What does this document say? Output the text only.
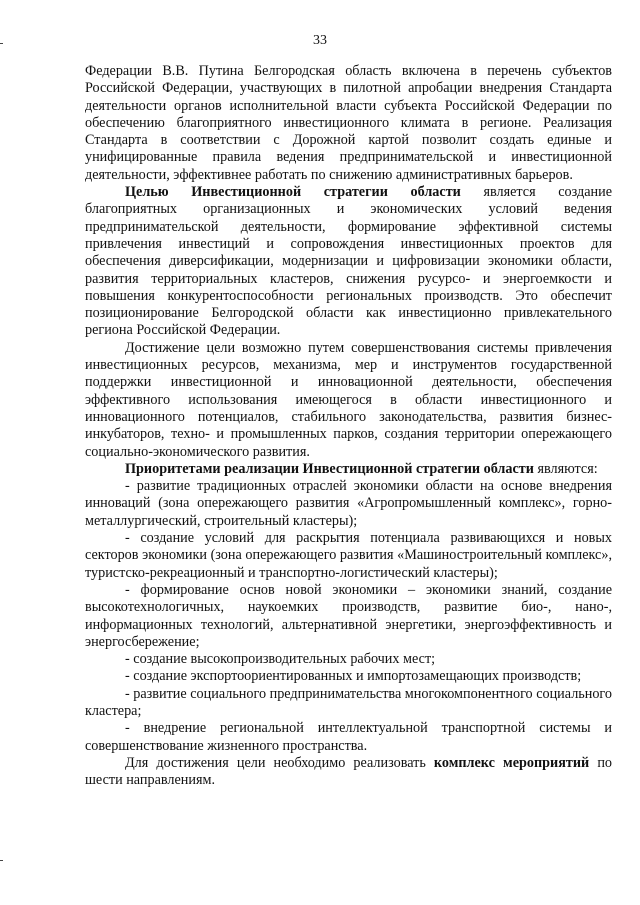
33

Федерации В.В. Путина Белгородская область включена в перечень субъектов Российской Федерации, участвующих в пилотной апробации внедрения Стандарта деятельности органов исполнительной власти субъекта Российской Федерации по обеспечению благоприятного инвестиционного климата в регионе. Реализация Стандарта в соответствии с Дорожной картой позволит создать единые и унифицированные правила ведения предпринимательской и инвестиционной деятельности, эффективнее работать по снижению административных барьеров.

Целью Инвестиционной стратегии области является создание благоприятных организационных и экономических условий ведения предпринимательской деятельности, формирование эффективной системы привлечения инвестиций и сопровождения инвестиционных проектов для обеспечения диверсификации, модернизации и цифровизации экономики области, развития территориальных кластеров, снижения русурсо- и энергоемкости и повышения конкурентоспособности региональных производств. Это обеспечит позиционирование Белгородской области как инвестиционно привлекательного региона Российской Федерации.

Достижение цели возможно путем совершенствования системы привлечения инвестиционных ресурсов, механизма, мер и инструментов государственной поддержки инвестиционной и инновационной деятельности, обеспечения эффективного использования имеющегося в области инвестиционного и инновационного потенциалов, стабильного законодательства, развития бизнес-инкубаторов, техно- и промышленных парков, создания территории опережающего социально-экономического развития.

Приоритетами реализации Инвестиционной стратегии области являются:

- развитие традиционных отраслей экономики области на основе внедрения инноваций (зона опережающего развития «Агропромышленный комплекс», горно-металлургический, строительный кластеры);

- создание условий для раскрытия потенциала развивающихся и новых секторов экономики (зона опережающего развития «Машиностроительный комплекс», туристско-рекреационный и транспортно-логистический кластеры);

- формирование основ новой экономики – экономики знаний, создание высокотехнологичных, наукоемких производств, развитие био-, нано-, информационных технологий, альтернативной энергетики, энергоэффективность и энергосбережение;

- создание высокопроизводительных рабочих мест;

- создание экспортоориентированных и импортозамещающих производств;

- развитие социального предпринимательства многокомпонентного социального кластера;

- внедрение региональной интеллектуальной транспортной системы и совершенствование жизненного пространства.

Для достижения цели необходимо реализовать комплекс мероприятий по шести направлениям.
